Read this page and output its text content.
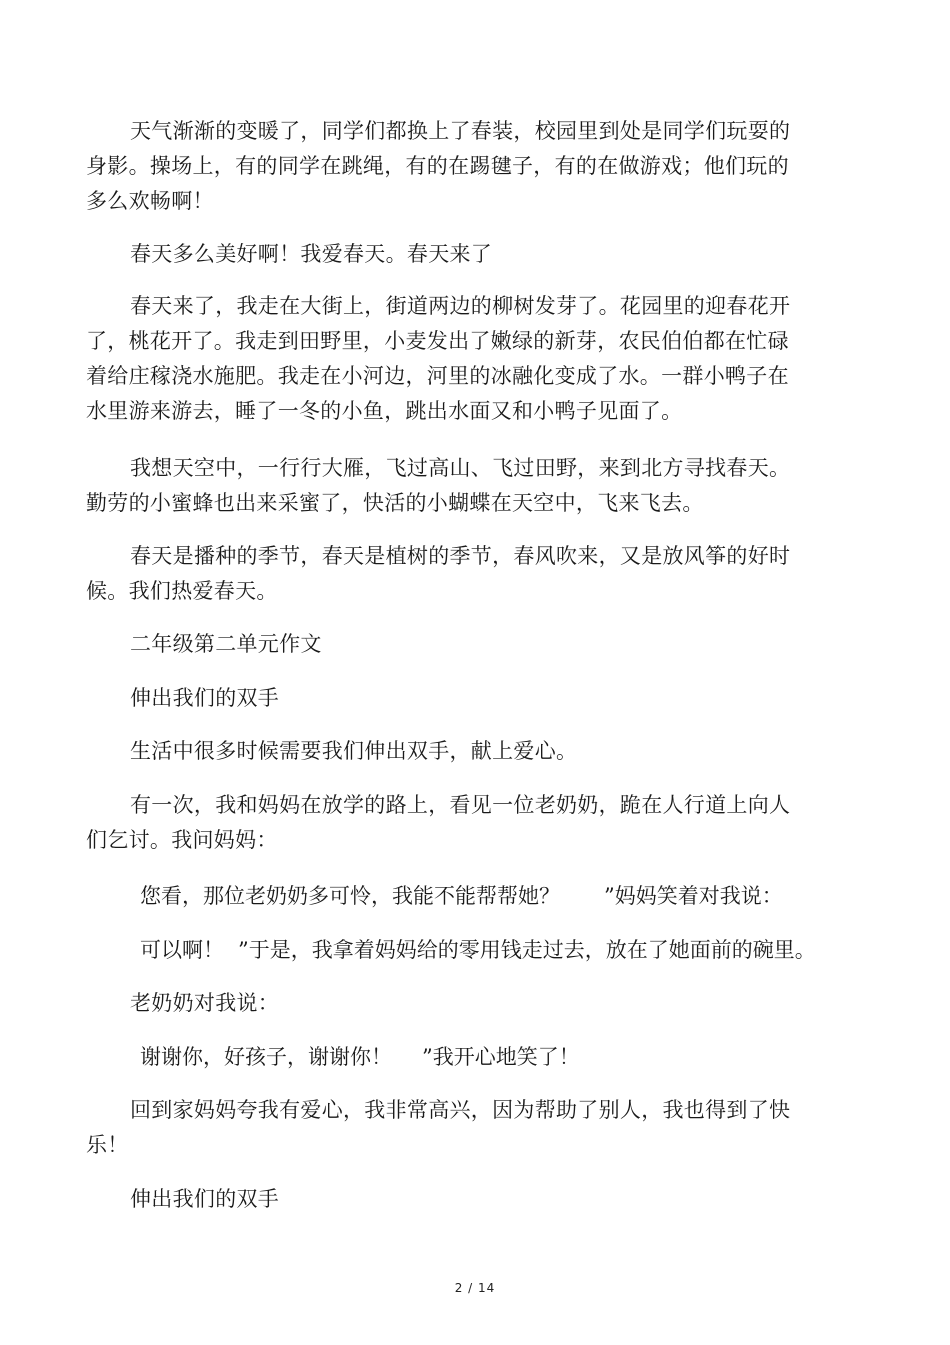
天气渐渐的变暖了，同学们都换上了春装，校园里到处是同学们玩耍的身影。操场上，有的同学在跳绳，有的在踢毽子，有的在做游戏；他们玩的多么欢畅啊！

春天多么美好啊！我爱春天。春天来了

春天来了，我走在大街上，街道两边的柳树发芽了。花园里的迎春花开了，桃花开了。我走到田野里，小麦发出了嫩绿的新芽，农民伯伯都在忙碌着给庄稼浇水施肥。我走在小河边，河里的冰融化变成了水。一群小鸭子在水里游来游去，睡了一冬的小鱼，跳出水面又和小鸭子见面了。

我想天空中，一行行大雁，飞过高山、飞过田野，来到北方寻找春天。勤劳的小蜜蜂也出来采蜜了，快活的小蝴蝶在天空中，飞来飞去。

春天是播种的季节，春天是植树的季节，春风吹来，又是放风筝的好时候。我们热爱春天。

二年级第二单元作文

伸出我们的双手

生活中很多时候需要我们伸出双手，献上爱心。

有一次，我和妈妈在放学的路上，看见一位老奶奶，跪在人行道上向人们乞讨。我问妈妈：

您看，那位老奶奶多可怜，我能不能帮帮她？ ”妈妈笑着对我说：

可以啊！ ”于是，我拿着妈妈给的零用钱走过去，放在了她面前的碗里。

老奶奶对我说：

谢谢你，好孩子，谢谢你！ ”我开心地笑了！

回到家妈妈夸我有爱心，我非常高兴，因为帮助了别人，我也得到了快乐！

伸出我们的双手

2 / 14
